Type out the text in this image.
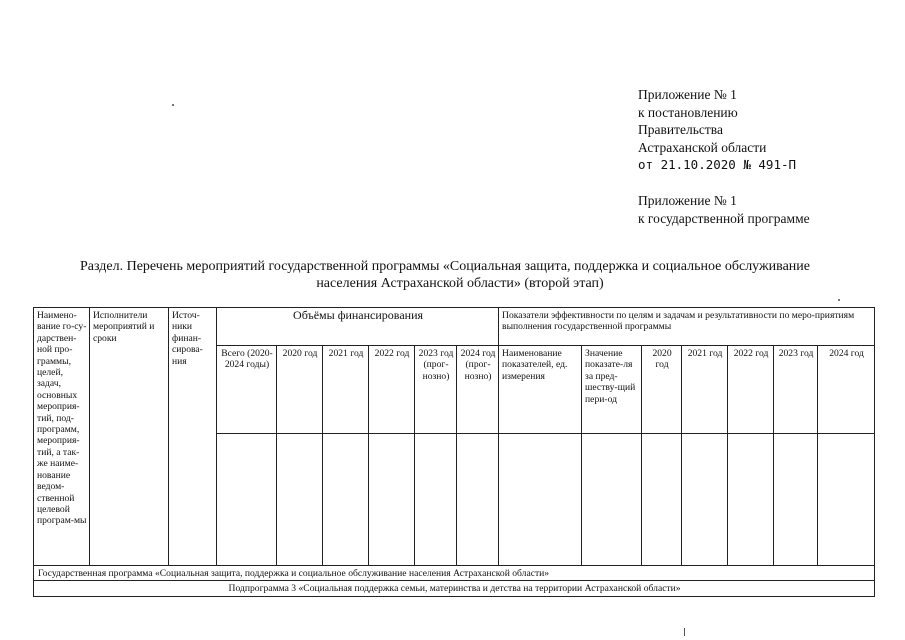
Приложение № 1
к постановлению
Правительства
Астраханской области
от 21.10.2020 № 491-П
Приложение № 1
к государственной программе
Раздел. Перечень мероприятий государственной программы «Социальная защита, поддержка и социальное обслуживание
населения Астраханской области» (второй этап)
Наимено-вание го-су-дарствен-ной про-граммы, целей, задач, основных мероприя-тий, под-программ, мероприя-тий, а так-же наиме-нование ведом-ственной целевой програм-мы	Исполнители мероприятий и сроки	Источ-ники финан-сирова-ния	Объёмы финансирования						Показатели эффективности по целям и задачам и результативности по меро-приятиям выполнения государственной программы						
			Всего (2020-2024 годы)	2020 год	2021 год	2022 год	2023 год (прог-нозно)	2024 год (прог-нозно)	Наименование показателей, ед. измерения	Значение показате-ля за пред-шеству-щий пери-од	2020 год	2021 год	2022 год	2023 год	2024 год

Государственная программа «Социальная защита, поддержка и социальное обслуживание населения Астраханской области»															
Подпрограмма 3 «Социальная поддержка семьи, материнства и детства на территории Астраханской области»															
